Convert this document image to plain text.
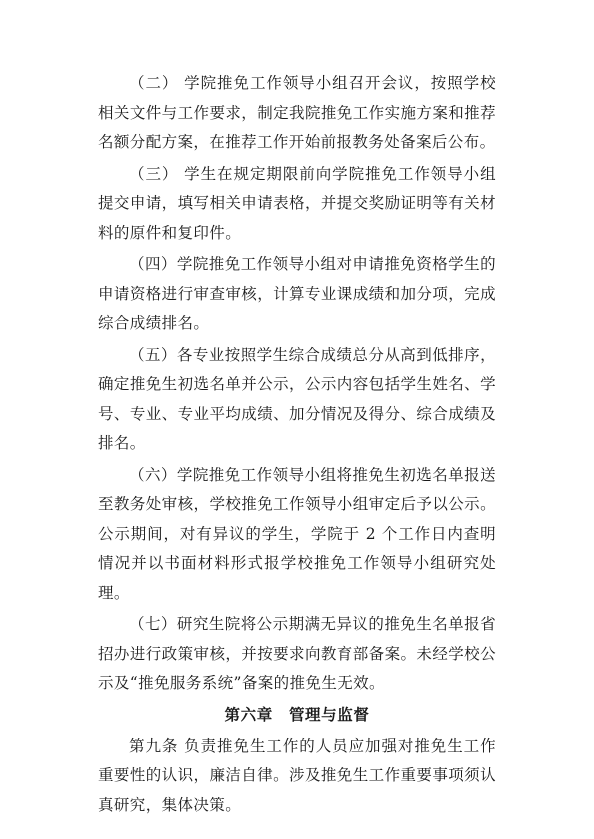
（二） 学院推免工作领导小组召开会议，按照学校相关文件与工作要求，制定我院推免工作实施方案和推荐名额分配方案，在推荐工作开始前报教务处备案后公布。

（三） 学生在规定期限前向学院推免工作领导小组提交申请，填写相关申请表格，并提交奖励证明等有关材料的原件和复印件。

（四）学院推免工作领导小组对申请推免资格学生的申请资格进行审查审核，计算专业课成绩和加分项，完成综合成绩排名。

（五）各专业按照学生综合成绩总分从高到低排序，确定推免生初选名单并公示，公示内容包括学生姓名、学号、专业、专业平均成绩、加分情况及得分、综合成绩及排名。

（六）学院推免工作领导小组将推免生初选名单报送至教务处审核，学校推免工作领导小组审定后予以公示。公示期间，对有异议的学生，学院于 2 个工作日内查明情况并以书面材料形式报学校推免工作领导小组研究处理。

（七）研究生院将公示期满无异议的推免生名单报省招办进行政策审核，并按要求向教育部备案。未经学校公示及“推免服务系统”备案的推免生无效。

第六章　管理与监督

第九条 负责推免生工作的人员应加强对推免生工作重要性的认识，廉洁自律。涉及推免生工作重要事项须认真研究，集体决策。
